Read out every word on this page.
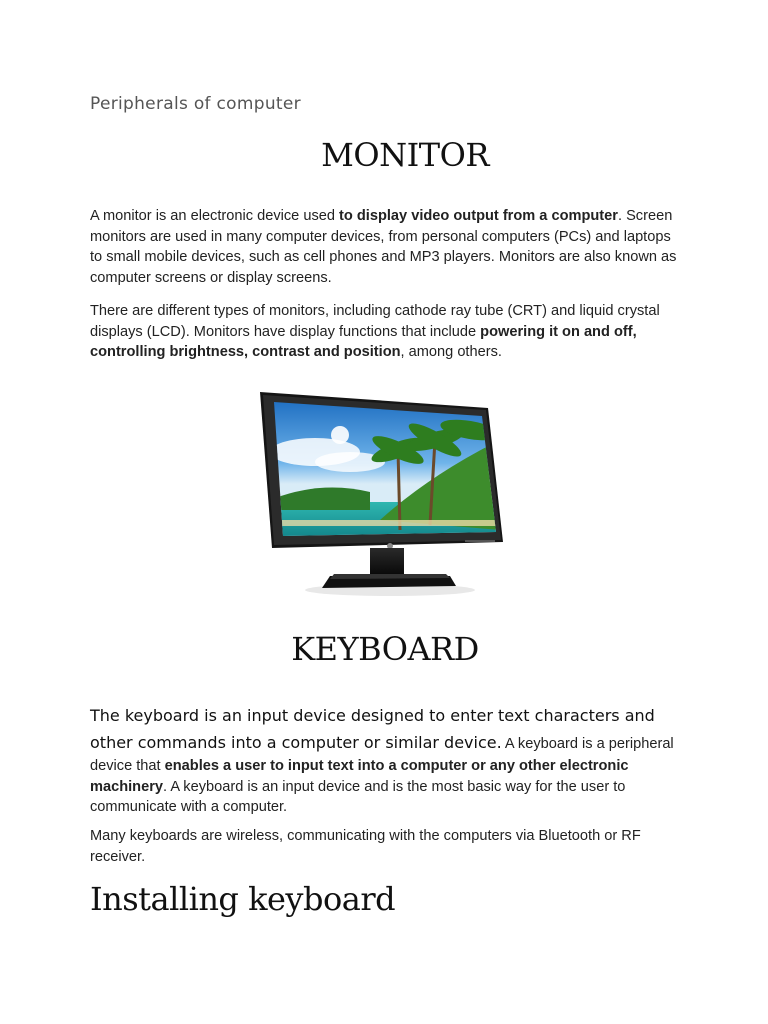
Peripherals of computer
MONITOR

A monitor is an electronic device used to display video output from a computer. Screen monitors are used in many computer devices, from personal computers (PCs) and laptops to small mobile devices, such as cell phones and MP3 players. Monitors are also known as computer screens or display screens.

There are different types of monitors, including cathode ray tube (CRT) and liquid crystal displays (LCD). Monitors have display functions that include powering it on and off, controlling brightness, contrast and position, among others.

KEYBOARD

The keyboard is an input device designed to enter text characters and other commands into a computer or similar device. A keyboard is a peripheral device that enables a user to input text into a computer or any other electronic machinery. A keyboard is an input device and is the most basic way for the user to communicate with a computer.

Many keyboards are wireless, communicating with the computers via Bluetooth or RF receiver.

Installing keyboard
